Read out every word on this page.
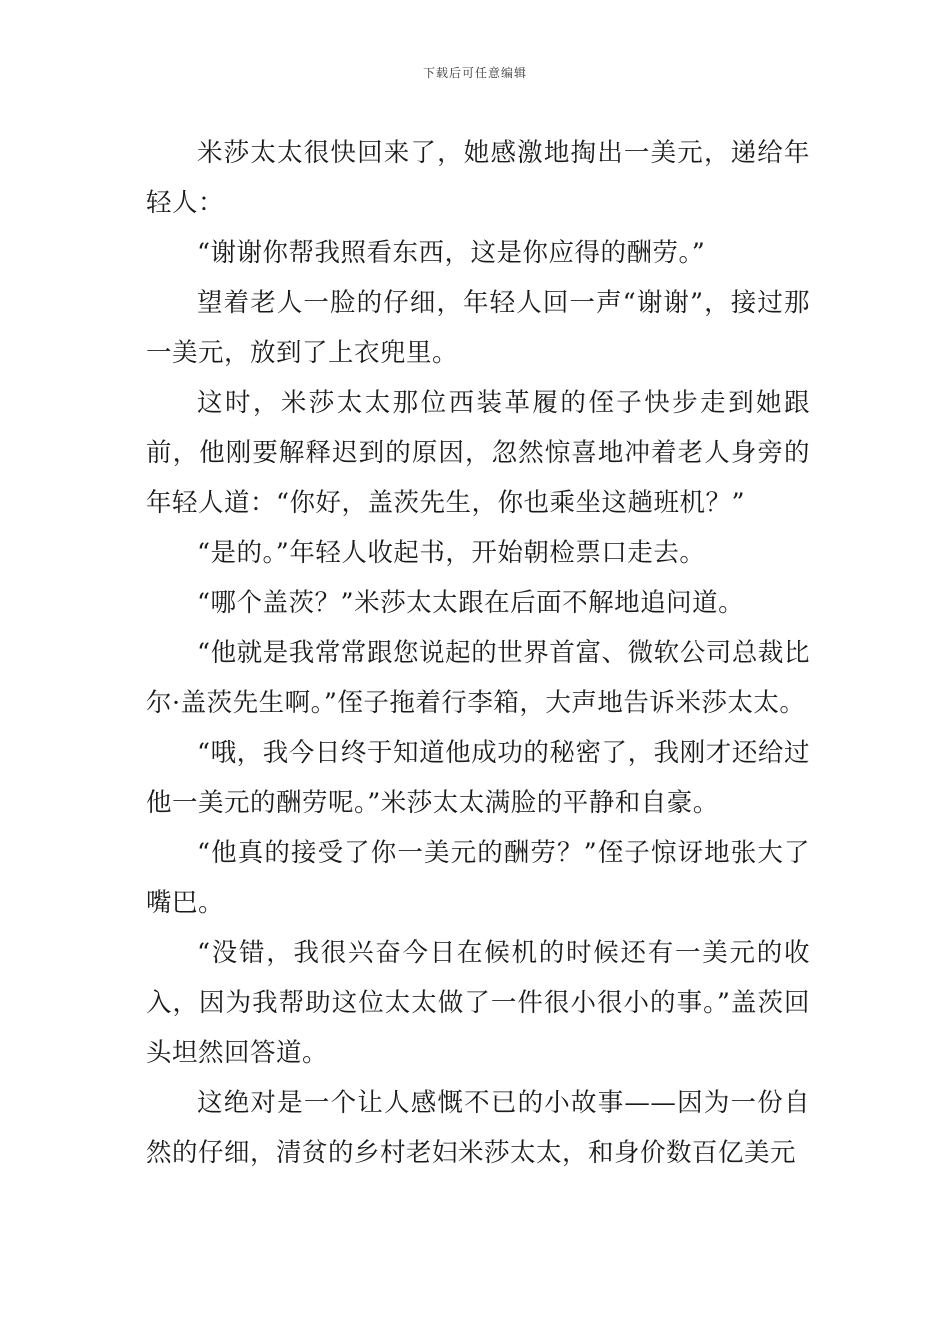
下载后可任意编辑

米莎太太很快回来了，她感激地掏出一美元，递给年轻人：

“谢谢你帮我照看东西，这是你应得的酬劳。”

望着老人一脸的仔细，年轻人回一声“谢谢”，接过那一美元，放到了上衣兜里。

这时，米莎太太那位西装革履的侄子快步走到她跟前，他刚要解释迟到的原因，忽然惊喜地冲着老人身旁的年轻人道：“你好，盖茨先生，你也乘坐这趟班机？”

“是的。”年轻人收起书，开始朝检票口走去。

“哪个盖茨？”米莎太太跟在后面不解地追问道。

“他就是我常常跟您说起的世界首富、微软公司总裁比尔·盖茨先生啊。”侄子拖着行李箱，大声地告诉米莎太太。

“哦，我今日终于知道他成功的秘密了，我刚才还给过他一美元的酬劳呢。”米莎太太满脸的平静和自豪。

“他真的接受了你一美元的酬劳？”侄子惊讶地张大了嘴巴。

“没错，我很兴奋今日在候机的时候还有一美元的收入，因为我帮助这位太太做了一件很小很小的事。”盖茨回头坦然回答道。

这绝对是一个让人感慨不已的小故事——因为一份自然的仔细，清贫的乡村老妇米莎太太，和身价数百亿美元
